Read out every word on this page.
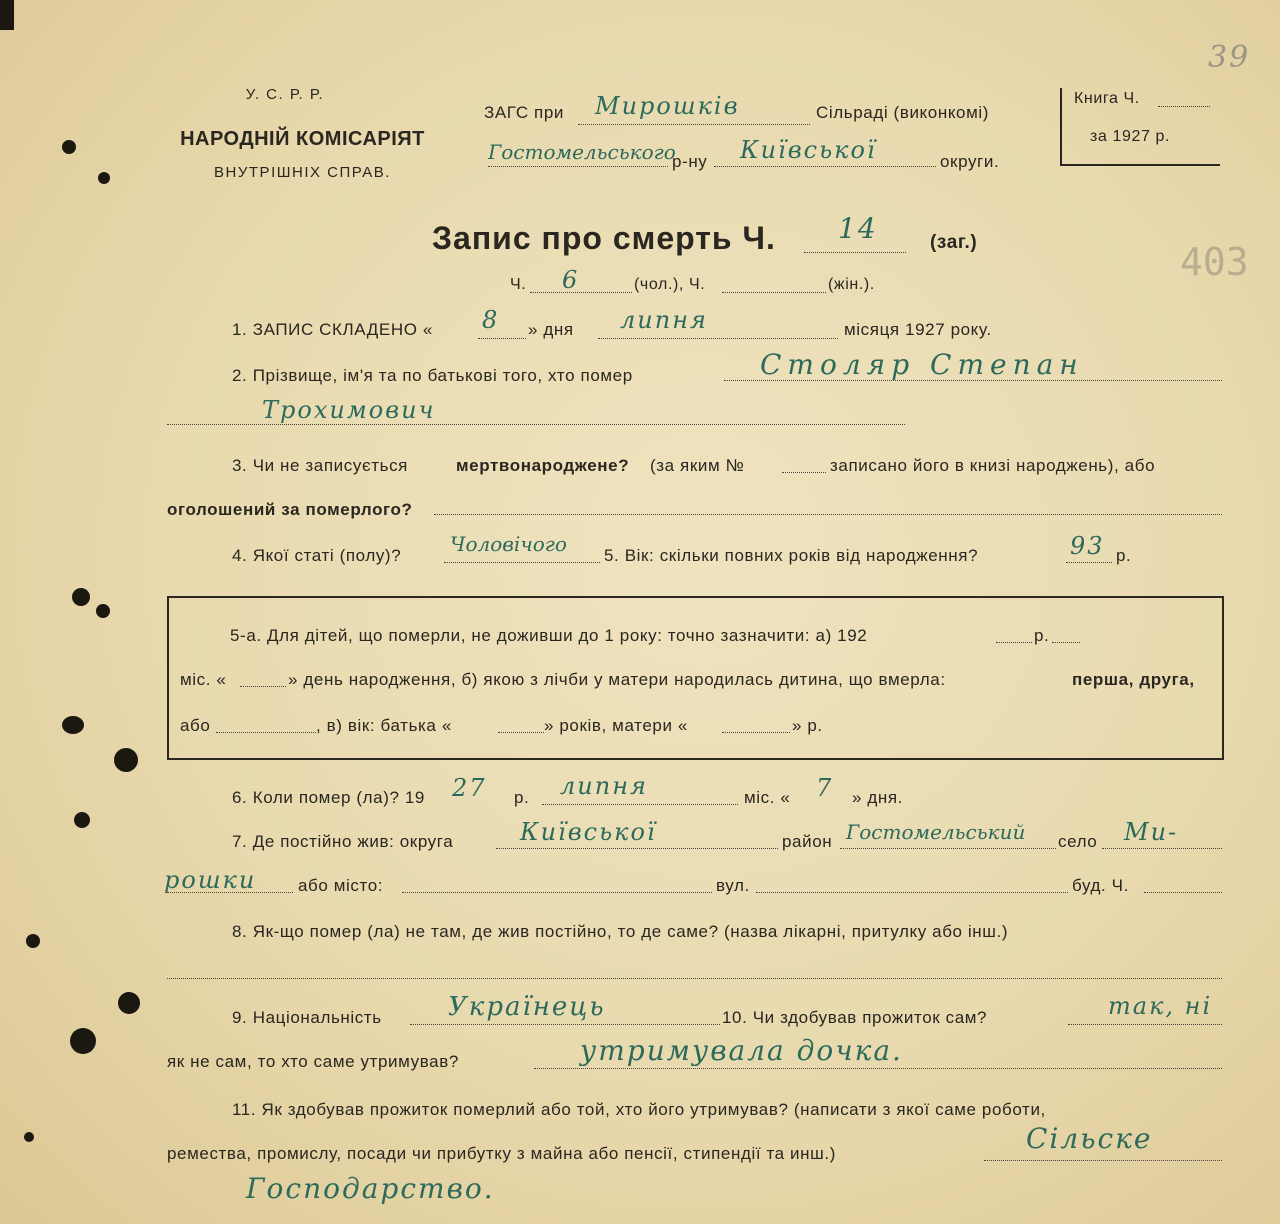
403
У. С. Р. Р.
НАРОДНІЙ КОМІСАРІЯТ
ВНУТРІШНІХ СПРАВ.
ЗАГС при Мирошків	Сільраді (виконкомі)
Гостомельського
р-ну Київської	округи.
Книга Ч.
за 1927 р.
39
Запис про смерть Ч. 14	(заг.)
Ч. 6	(чол.), Ч.	(жін.).
1. ЗАПИС СКЛАДЕНО « 8 » дня липня	місяця 1927 року.
2. Прізвище, ім'я та по батькові того, хто помер	Столяр Степан
Трохимович
3. Чи не записується	мертвонароджене? (за яким №	записано його в книзі народжень), або
оголошений за померлого?
4. Якої статі (полу)? Чоловічого 5. Вік: скільки повних років від народження?	93 р.
5-а. Для дітей, що померли, не доживши до 1 року: точно зазначити: а) 192	р.
міс. «	» день народження, б) якою з лічби у матери народилась дитина, що вмерла:	перша, друга,
або	, в) вік: батька «	» років, матери «	» р.
6. Коли помер (ла)? 19 27 р. липня	міс. « 7 » дня.
7. Де постійно жив: округа	Київської	район Гостомельський село Ми-
рошки або місто:	вул.	буд. Ч.
8. Як-що помер (ла) не там, де жив постійно, то де саме? (назва лікарні, притулку або інш.)
9. Національність	Українець	10. Чи здобував прожиток сам?	так, ні
як не сам, то хто саме утримував?	утримувала дочка.
11. Як здобував прожиток померлий або той, хто його утримував? (написати з якої саме роботи,
ремества, промислу, посади чи прибутку з майна або пенсії, стипендії та инш.)	Сільске
Господарство.
